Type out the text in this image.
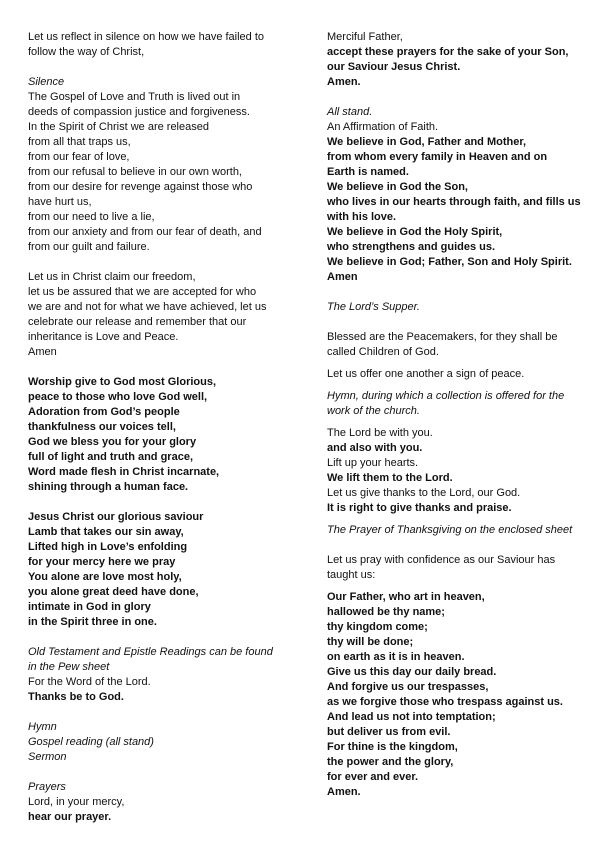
Let us reflect in silence on how we have failed to
follow the way of Christ,
Silence
The Gospel of Love and Truth is lived out in
deeds of compassion justice and forgiveness.
In the Spirit of Christ we are released
from all that traps us,
from our fear of love,
from our refusal to believe in our own worth,
from our desire for revenge against those who
have hurt us,
from our need to live a lie,
from our anxiety and from our fear of death, and
from our guilt and failure.
Let us in Christ claim our freedom,
let us be assured that we are accepted for who
we are and not for what we have achieved, let us
celebrate our release and remember that our
inheritance is Love and Peace.
Amen
Worship give to God most Glorious,
peace to those who love God well,
Adoration from God’s people
thankfulness our voices tell,
God we bless you for your glory
full of light and truth and grace,
Word made flesh in Christ incarnate,
shining through a human face.
Jesus Christ our glorious saviour
Lamb that takes our sin away,
Lifted high in Love’s enfolding
for your mercy here we pray
You alone are love most holy,
you alone great deed have done,
intimate in God in glory
in the Spirit three in one.
Old Testament and Epistle Readings can be found
in the Pew sheet
For the Word of the Lord.
Thanks be to God.
Hymn
Gospel reading (all stand)
Sermon
Prayers
Lord, in your mercy,
hear our prayer.
Merciful Father,
accept these prayers for the sake of your Son,
our Saviour Jesus Christ.
Amen.
All stand.
An Affirmation of Faith.
We believe in God, Father and Mother,
from whom every family in Heaven and on
Earth is named.
We believe in God the Son,
who lives in our hearts through faith, and fills us
with his love.
We believe in God the Holy Spirit,
who strengthens and guides us.
We believe in God; Father, Son and Holy Spirit.
Amen
The Lord’s Supper.
Blessed are the Peacemakers, for they shall be
called Children of God.
Let us offer one another a sign of peace.
Hymn, during which a collection is offered for the
work of the church.
The Lord be with you.
and also with you.
Lift up your hearts.
We lift them to the Lord.
Let us give thanks to the Lord, our God.
It is right to give thanks and praise.
The Prayer of Thanksgiving on the enclosed sheet
Let us pray with confidence as our Saviour has
taught us:
Our Father, who art in heaven,
hallowed be thy name;
thy kingdom come;
thy will be done;
on earth as it is in heaven.
Give us this day our daily bread.
And forgive us our trespasses,
as we forgive those who trespass against us.
And lead us not into temptation;
but deliver us from evil.
For thine is the kingdom,
the power and the glory,
for ever and ever.
Amen.
